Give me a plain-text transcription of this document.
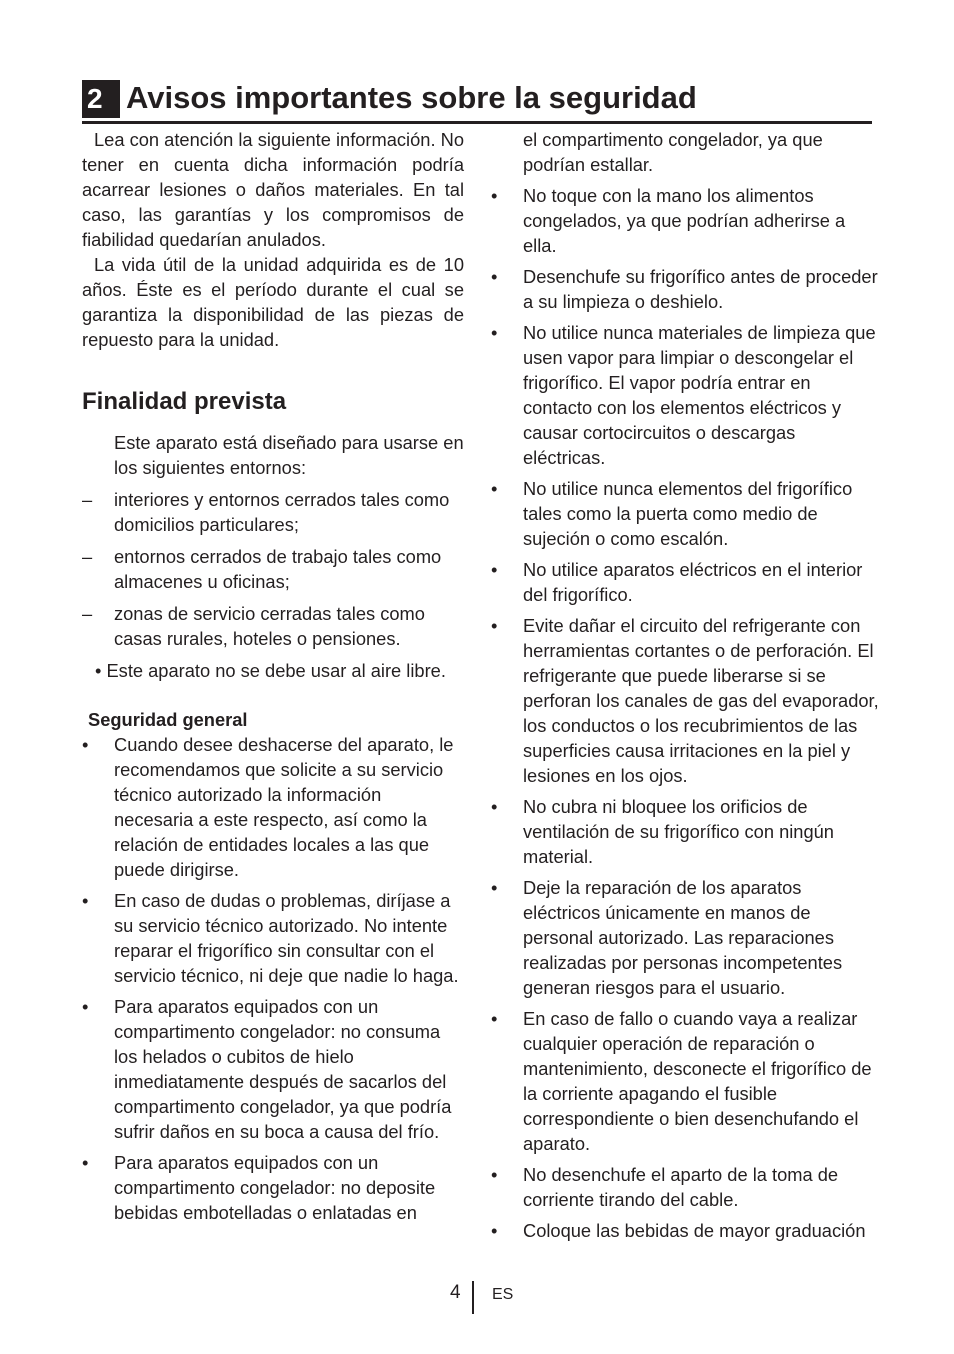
2 Avisos importantes sobre la seguridad

Lea con atención la siguiente información. No tener en cuenta dicha información podría acarrear lesiones o daños materiales. En tal caso, las garantías y los compromisos de fiabilidad quedarían anulados.

La vida útil de la unidad adquirida es de 10 años. Éste es el período durante el cual se garantiza la disponibilidad de las piezas de repuesto para la unidad.

Finalidad prevista

Este aparato está diseñado para usarse en los siguientes entornos:

– interiores y entornos cerrados tales como domicilios particulares;
– entornos cerrados de trabajo tales como almacenes u oficinas;
– zonas de servicio cerradas tales como casas rurales, hoteles o pensiones.

• Este aparato no se debe usar al aire libre.

Seguridad general

• Cuando desee deshacerse del aparato, le recomendamos que solicite a su servicio técnico autorizado la información necesaria a este respecto, así como la relación de entidades locales a las que puede dirigirse.
• En caso de dudas o problemas, diríjase a su servicio técnico autorizado. No intente reparar el frigorífico sin consultar con el servicio técnico, ni deje que nadie lo haga.
• Para aparatos equipados con un compartimento congelador: no consuma los helados o cubitos de hielo inmediatamente después de sacarlos del compartimento congelador, ya que podría sufrir daños en su boca a causa del frío.
• Para aparatos equipados con un compartimento congelador: no deposite bebidas embotelladas o enlatadas en

el compartimento congelador, ya que podrían estallar.

• No toque con la mano los alimentos congelados, ya que podrían adherirse a ella.
• Desenchufe su frigorífico antes de proceder a su limpieza o deshielo.
• No utilice nunca materiales de limpieza que usen vapor para limpiar o descongelar el frigorífico. El vapor podría entrar en contacto con los elementos eléctricos y causar cortocircuitos o descargas eléctricas.
• No utilice nunca elementos del frigorífico tales como la puerta como medio de sujeción o como escalón.
• No utilice aparatos eléctricos en el interior del frigorífico.
• Evite dañar el circuito del refrigerante con herramientas cortantes o de perforación. El refrigerante que puede liberarse si se perforan los canales de gas del evaporador, los conductos o los recubrimientos de las superficies causa irritaciones en la piel y lesiones en los ojos.
• No cubra ni bloquee los orificios de ventilación de su frigorífico con ningún material.
• Deje la reparación de los aparatos eléctricos únicamente en manos de personal autorizado. Las reparaciones realizadas por personas incompetentes generan riesgos para el usuario.
• En caso de fallo o cuando vaya a realizar cualquier operación de reparación o mantenimiento, desconecte el frigorífico de la corriente apagando el fusible correspondiente o bien desenchufando el aparato.
• No desenchufe el aparto de la toma de corriente tirando del cable.
• Coloque las bebidas de mayor graduación
4 ES
